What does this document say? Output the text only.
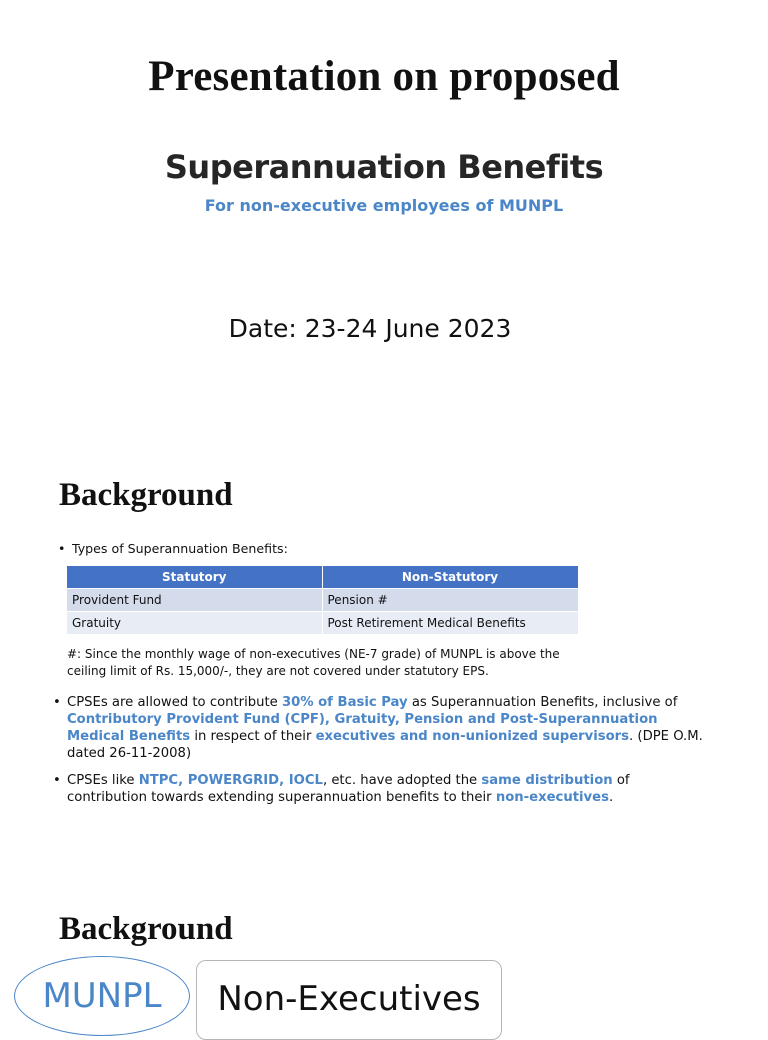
Presentation on proposed
Superannuation Benefits
For non-executive employees of MUNPL
Date: 23-24 June 2023
Background
• Types of Superannuation Benefits:
Statutory	Non-Statutory
Provident Fund	Pension #
Gratuity	Post Retirement Medical Benefits
#: Since the monthly wage of non-executives (NE-7 grade) of MUNPL is above the ceiling limit of Rs. 15,000/-, they are not covered under statutory EPS.
• CPSEs are allowed to contribute 30% of Basic Pay as Superannuation Benefits, inclusive of Contributory Provident Fund (CPF), Gratuity, Pension and Post-Superannuation Medical Benefits in respect of their executives and non-unionized supervisors. (DPE O.M. dated 26-11-2008)
• CPSEs like NTPC, POWERGRID, IOCL, etc. have adopted the same distribution of contribution towards extending superannuation benefits to their non-executives.
Background
MUNPL	Non-Executives
